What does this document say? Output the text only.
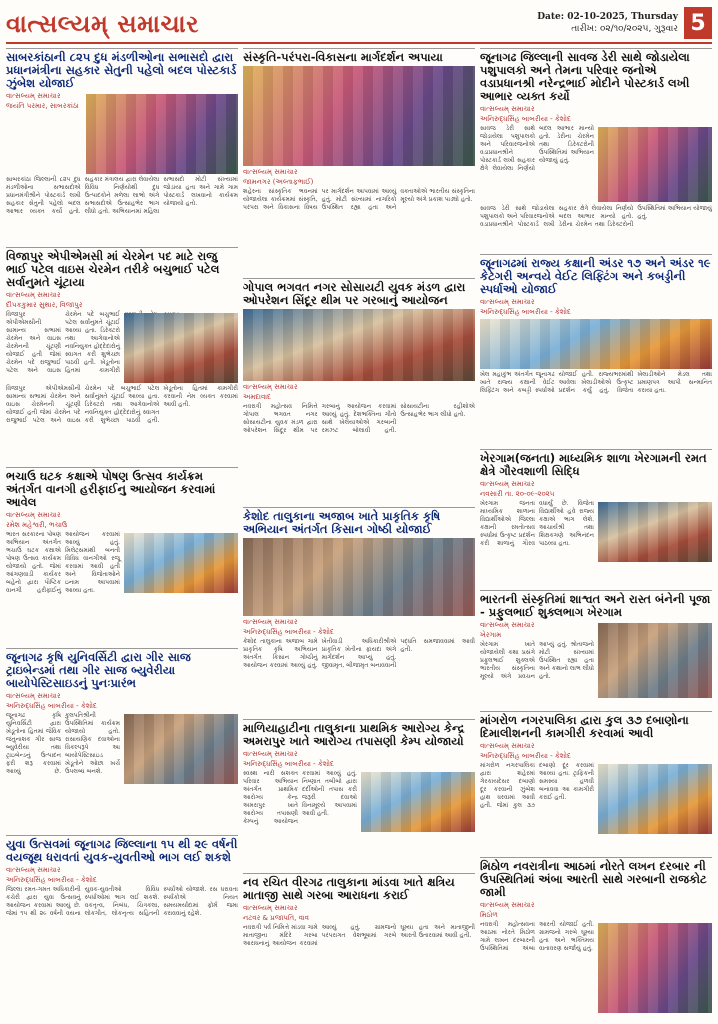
વાત્સલ્યમ્ સમાચાર	Date: 02-10-2025, Thursday
તારીખ: ૦૨/૧૦/૨૦૨૫, ગુરૂવાર 5
સાબરકાંઠાની ૮૨૫ દુધ મંડળીઓના સભાસદો દ્વારા પ્રધાનમંત્રીના સહકાર સેતુની પહેલો બદલ પોસ્ટકાર્ડ ઝુંબેશ યોજાઈ
વાત્સલ્યમ્ સમાચાર
જયંતિ પરમાર, સાબરકાંઠા
સાબરકાંઠા જિલ્લાની ૮૨૫ દુધ મંડળીઓના સભાસદોએ પ્રધાનમંત્રીશ્રીને પોસ્ટકાર્ડ લખી સહકાર સેતુની પહેલો બદલ આભાર વ્યક્ત કર્યો હતો. સહકાર મંત્રાલય દ્વારા લેવાયેલા વિવિધ નિર્ણયોથી દુધ ઉત્પાદકોને મળેલા લાભો અંગે સભાસદોએ ઉત્સાહભેર ભાગ લીધો હતો. અભિયાનમાં મહિલા સભાસદો મોટી સંખ્યામાં જોડાયા હતા અને ગામે ગામ પોસ્ટકાર્ડ લખવાનો કાર્યક્રમ યોજાયો હતો.
વિજાપુર એપીએમસી માં ચેરમેન પદ માટે રાજુ ભાઈ પટેલ વાઇસ ચેરમેન તરીકે બચુભાઈ પટેલ સર્વાનુમતે ચૂંટાયા
વાત્સલ્યમ્ સમાચાર
દીપકકુમાર સુથાર, વિજાપુર
વિજાપુર એપીએમસીની સામાન્ય સભામાં ચેરમેન અને વાઇસ ચેરમેનની ચૂંટણી યોજાઈ હતી જેમાં ચેરમેન પદે રાજુભાઈ પટેલ અને વાઇસ ચેરમેન પદે બચુભાઈ પટેલ સર્વાનુમતે ચૂંટાઈ આવ્યા હતા. ડિરેક્ટરો તથા આગેવાનોએ નવનિયુક્ત હોદ્દેદારોનું સ્વાગત કરી શુભેચ્છા પાઠવી હતી. ખેડૂતોના હિતમાં કામગીરી
વિજાપુર એપીએમસીની સામાન્ય સભામાં ચેરમેન અને વાઇસ ચેરમેનની ચૂંટણી યોજાઈ હતી જેમાં ચેરમેન પદે રાજુભાઈ પટેલ અને વાઇસ ચેરમેન પદે બચુભાઈ પટેલ સર્વાનુમતે ચૂંટાઈ આવ્યા હતા. ડિરેક્ટરો તથા આગેવાનોએ નવનિયુક્ત હોદ્દેદારોનું સ્વાગત કરી શુભેચ્છા પાઠવી હતી. ખેડૂતોના હિતમાં કામગીરી કરવાની નેમ વ્યક્ત કરવામાં આવી હતી.
ભચાઉ ઘટક કક્ષાએ પોષણ ઉત્સવ કાર્યક્રમ અંતર્ગત વાનગી હરીફાઈનુ આયોજન કરવામાં આવેલ
વાત્સલ્યમ્ સમાચાર
રમેશ મહેશ્વરી, ભચાઉ
ભારત સરકારના પોષણ અભિયાન અંતર્ગત ભચાઉ ઘટક કક્ષાએ પોષણ ઉત્સવ કાર્યક્રમ યોજાયો હતો. જેમાં આંગણવાડી કાર્યકર બહેનો દ્વારા પૌષ્ટિક વાનગી હરીફાઈનું આયોજન કરવામાં આવ્યું હતું. મિલેટ્સમાંથી બનતી વિવિધ વાનગીઓ રજૂ કરવામાં આવી હતી અને વિજેતાઓને ઇનામ આપવામાં આવ્યા હતા.
જૂનાગઢ કૃષિ યુનિવર્સિટી દ્વારા ગીર સાજ ટ્રાઇબેન્ડમાં તથા ગીર સાજ બ્યુવેરીયા બાયોપેસ્ટિસાઇડનું પુનઃપ્રારંભ
વાત્સલ્યમ્ સમાચાર
અનિરુદ્ધસિંહ બાબરીયા - કેશોદ
જૂનાગઢ કૃષિ યુનિવર્સિટી દ્વારા ખેડૂતોના હિતમાં જૈવિક જંતુનાશક ગીર સાજ બ્યુવેરીયા તથા ટ્રાઇબેન્ડનું ઉત્પાદન ફરી શરૂ કરવામાં આવ્યું છે. કુલપતિશ્રીની ઉપસ્થિતિમાં કાર્યક્રમ યોજાયો હતો. રાસાયણિક દવાઓના વિકલ્પરૂપે આ બાયોપેસ્ટિસાઇડ ખેડૂતોને ઓછા ખર્ચે ઉપલબ્ધ બનશે.
યુવા ઉત્સવમાં જૂનાગઢ જિલ્લાના ૧૫ થી ૨૯ વર્ષની વયજૂથ ધરાવતાં યુવક-યુવતીઓ ભાગ લઈ શકશે
વાત્સલ્યમ્ સમાચાર
અનિરુદ્ધસિંહ બાબરીયા - કેશોદ
જિલ્લા રમત-ગમત અધિકારીની કચેરી દ્વારા યુવા ઉત્સવનું આયોજન કરવામાં આવ્યું છે. જેમાં ૧૫ થી ૨૯ વર્ષની વયના યુવક-યુવતીઓ વિવિધ સ્પર્ધાઓમાં ભાગ લઈ શકશે. વકતૃત્વ, નિબંધ, ચિત્રકલા, લોકગીત, લોકનૃત્ય સહિતની સ્પર્ધાઓ યોજાશે. રસ ધરાવતા સ્પર્ધકોએ નિયત સમયમર્યાદામાં ફોર્મ જમા કરાવવાનું રહેશે.
સંસ્કૃતિ-પરંપરા-વિકાસના માર્ગદર્શન અપાયા
વાત્સલ્યમ્ સમાચાર
જામનગર (અલ્તાફભાઈ)
શહેરના સાંસ્કૃતિક ભવનમાં યોજાયેલા કાર્યક્રમમાં સંસ્કૃતિ, પરંપરા અને વિકાસના વિષય પર માર્ગદર્શન આપવામાં આવ્યું હતું. મોટી સંખ્યામાં નાગરિકો ઉપસ્થિત રહ્યા હતા અને વક્તાઓએ ભારતીય સંસ્કૃતિના મૂલ્યો અંગે પ્રકાશ પાડ્યો હતો.
ગોપાલ ભગવત નગર સોસાયટી યુવક મંડળ દ્વારા ઓપરેશન સિંદૂર થીમ પર ગરબાનું આયોજન
વાત્સલ્યમ્ સમાચાર
અમદાવાદ
નવરાત્રી મહોત્સવ નિમિત્તે ગોપાલ ભગવત નગર સોસાયટીના યુવક મંડળ દ્વારા ઓપરેશન સિંદૂર થીમ પર ગરબાનું આયોજન કરવામાં આવ્યું હતું. દેશભક્તિના ગીતો સાથે ખેલૈયાઓએ ગરબાની રમઝટ બોલાવી હતી. સોસાયટીના રહીશોએ ઉત્સાહભેર ભાગ લીધો હતો.
કેશોદ તાલુકાના અજાબ ખાતે પ્રાકૃતિક કૃષિ અભિયાન અંતર્ગત કિસાન ગોષ્ઠી યોજાઈ
વાત્સલ્યમ્ સમાચાર
અનિરુદ્ધસિંહ બાબરીયા - કેશોદ
કેશોદ તાલુકાના અજાબ ગામે પ્રાકૃતિક કૃષિ અભિયાન અંતર્ગત કિસાન ગોષ્ઠીનું આયોજન કરવામાં આવ્યું હતું. ખેતીવાડી અધિકારીશ્રીએ પ્રાકૃતિક ખેતીના ફાયદા અંગે માર્ગદર્શન આપ્યું હતું. જીવામૃત, બીજામૃત બનાવવાની પદ્ધતિ સમજાવવામાં આવી હતી.
માળિયાહાટીના તાલુકાના પ્રાથમિક આરોગ્ય કેન્દ્ર અમરાપુર ખાતે આરોગ્ય તપાસણી કેમ્પ યોજાયો
વાત્સલ્યમ્ સમાચાર
અનિરુદ્ધસિંહ બાબરીયા - કેશોદ
સ્વસ્થ નારી સશક્ત પરિવાર અભિયાન અંતર્ગત પ્રાથમિક આરોગ્ય કેન્દ્ર અમરાપુર ખાતે આરોગ્ય તપાસણી કેમ્પનું આયોજન કરવામાં આવ્યું હતું. નિષ્ણાત તબીબો દ્વારા દર્દીઓની તપાસ કરી જરૂરી દવાઓ વિનામૂલ્યે આપવામાં આવી હતી.
નવ રચિત વીરગઢ તાલુકાના માંડવા ખાતે ક્ષત્રિય માતાજી સાથે ગરબા આરાધના કરાઈ
વાત્સલ્યમ્ સમાચાર
નટવર & પ્રજાપતિ, વાવ
નવરાત્રી પર્વ નિમિત્તે માંડવા ગામે માતાજીના મંદિરે ગરબા આરાધનાનું આયોજન કરવામાં આવ્યું હતું. ગ્રામજનો પરંપરાગત વેશભૂષામાં ગરબે ઘૂમ્યા હતા અને માતાજીની આરતી ઉતારવામાં આવી હતી.
જૂનાગઢ જિલ્લાની સાવજ ડેરી સાથે જોડાયેલા પશુપાલકો અને તેમના પરિવાર જનોએ વડાપ્રધાનશ્રી નરેન્દ્રભાઈ મોદીને પોસ્ટકાર્ડ લખી આભાર વ્યક્ત કર્યો
વાત્સલ્યમ્ સમાચાર
અનિરુદ્ધસિંહ બાબરીયા - કેશોદ
સાવજ ડેરી સાથે જોડાયેલા પશુપાલકો અને પરિવારજનોએ વડાપ્રધાનશ્રીને પોસ્ટકાર્ડ લખી સહકાર ક્ષેત્રે લેવાયેલા નિર્ણયો બદલ આભાર માન્યો હતો. ડેરીના ચેરમેન તથા ડિરેક્ટરોની ઉપસ્થિતિમાં અભિયાન યોજાયું હતું.
સાવજ ડેરી સાથે જોડાયેલા પશુપાલકો અને પરિવારજનોએ વડાપ્રધાનશ્રીને પોસ્ટકાર્ડ લખી સહકાર ક્ષેત્રે લેવાયેલા નિર્ણયો બદલ આભાર માન્યો હતો. ડેરીના ચેરમેન તથા ડિરેક્ટરોની ઉપસ્થિતિમાં અભિયાન યોજાયું હતું.
જૂનાગઢમાં રાજ્ય કક્ષાની અંડર ૧૭ અને અંડર ૧૯ કેટેગરી અન્વયે વેઈટ લિફ્ટિંગ અને કબડ્ડીની સ્પર્ધાઓ યોજાઈ
વાત્સલ્યમ્ સમાચાર
અનિરુદ્ધસિંહ બાબરીયા - કેશોદ
ખેલ મહાકુંભ અંતર્ગત જૂનાગઢ ખાતે રાજ્ય કક્ષાની વેઈટ લિફ્ટિંગ અને કબડ્ડી સ્પર્ધાઓ યોજાઈ હતી. રાજ્યભરમાંથી આવેલા ખેલાડીઓએ ઉત્કૃષ્ટ પ્રદર્શન કર્યું હતું. વિજેતા ખેલાડીઓને મેડલ તથા પ્રમાણપત્ર આપી સન્માનિત કરાયા હતા.
ખેરગામ(જનતા) માધ્યમિક શાળા ખેરગામની રમત ક્ષેત્રે ગૌરવશાળી સિદ્ધિ
વાત્સલ્યમ્ સમાચાર
નવસારી તા. ૨૦-૦૯-૨૦૨૫
ખેરગામ જનતા માધ્યમિક શાળાના વિદ્યાર્થીઓએ જિલ્લા કક્ષાની રમતોત્સવ સ્પર્ધામાં ઉત્કૃષ્ટ પ્રદર્શન કરી શાળાનું ગૌરવ વધાર્યું છે. વિજેતા વિદ્યાર્થીઓ હવે રાજ્ય કક્ષાએ ભાગ લેશે. આચાર્યશ્રી તથા શિક્ષકગણે અભિનંદન પાઠવ્યા હતા.
ભારતની સંસ્કૃતિમાં શાશ્વત અને રાસ્ત બંનેની પૂજા - પ્રફુલભાઈ શુક્લભાગ ખેરગામ
વાત્સલ્યમ્ સમાચાર
ખેરગામ
ખેરગામ ખાતે યોજાયેલી કથા પ્રસંગે પ્રફુલભાઈ શુક્લએ ભારતીય સંસ્કૃતિના મૂલ્યો અંગે પ્રવચન આપ્યું હતું. શ્રોતાજનો મોટી સંખ્યામાં ઉપસ્થિત રહ્યા હતા અને કથાનો લાભ લીધો હતો.
માંગરોળ નગરપાલિકા દ્વારા કુલ ૩૭ દબાણોના દિમાલીશનની કામગીરી કરવામાં આવી
વાત્સલ્યમ્ સમાચાર
અનિરુદ્ધસિંહ બાબરીયા - કેશોદ
માંગરોળ નગરપાલિકા દ્વારા શહેરમાં ગેરકાયદેસર દબાણો દૂર કરવાની ઝુંબેશ હાથ ધરવામાં આવી હતી. જેમાં કુલ ૩૭ દબાણો દૂર કરવામાં આવ્યા હતા. ટ્રાફિકની સમસ્યા હળવી બનાવવા આ કામગીરી કરાઈ હતી.
મિઠોળ નવરાત્રીના આઠમાં નોરતે લખન દરબાર ની ઉપસ્થિતિમાં અંબા આરતી સાથે ગરબાની રાજકોટ જામી
વાત્સલ્યમ્ સમાચાર
મિઠોળ
નવરાત્રી મહોત્સવના આઠમા નોરતે મિઠોળ ગામે લખન દરબારની ઉપસ્થિતિમાં અંબા આરતી યોજાઈ હતી. ગ્રામજનો ગરબે ઘૂમ્યા હતા અને ભક્તિમય વાતાવરણ સર્જાયું હતું.
